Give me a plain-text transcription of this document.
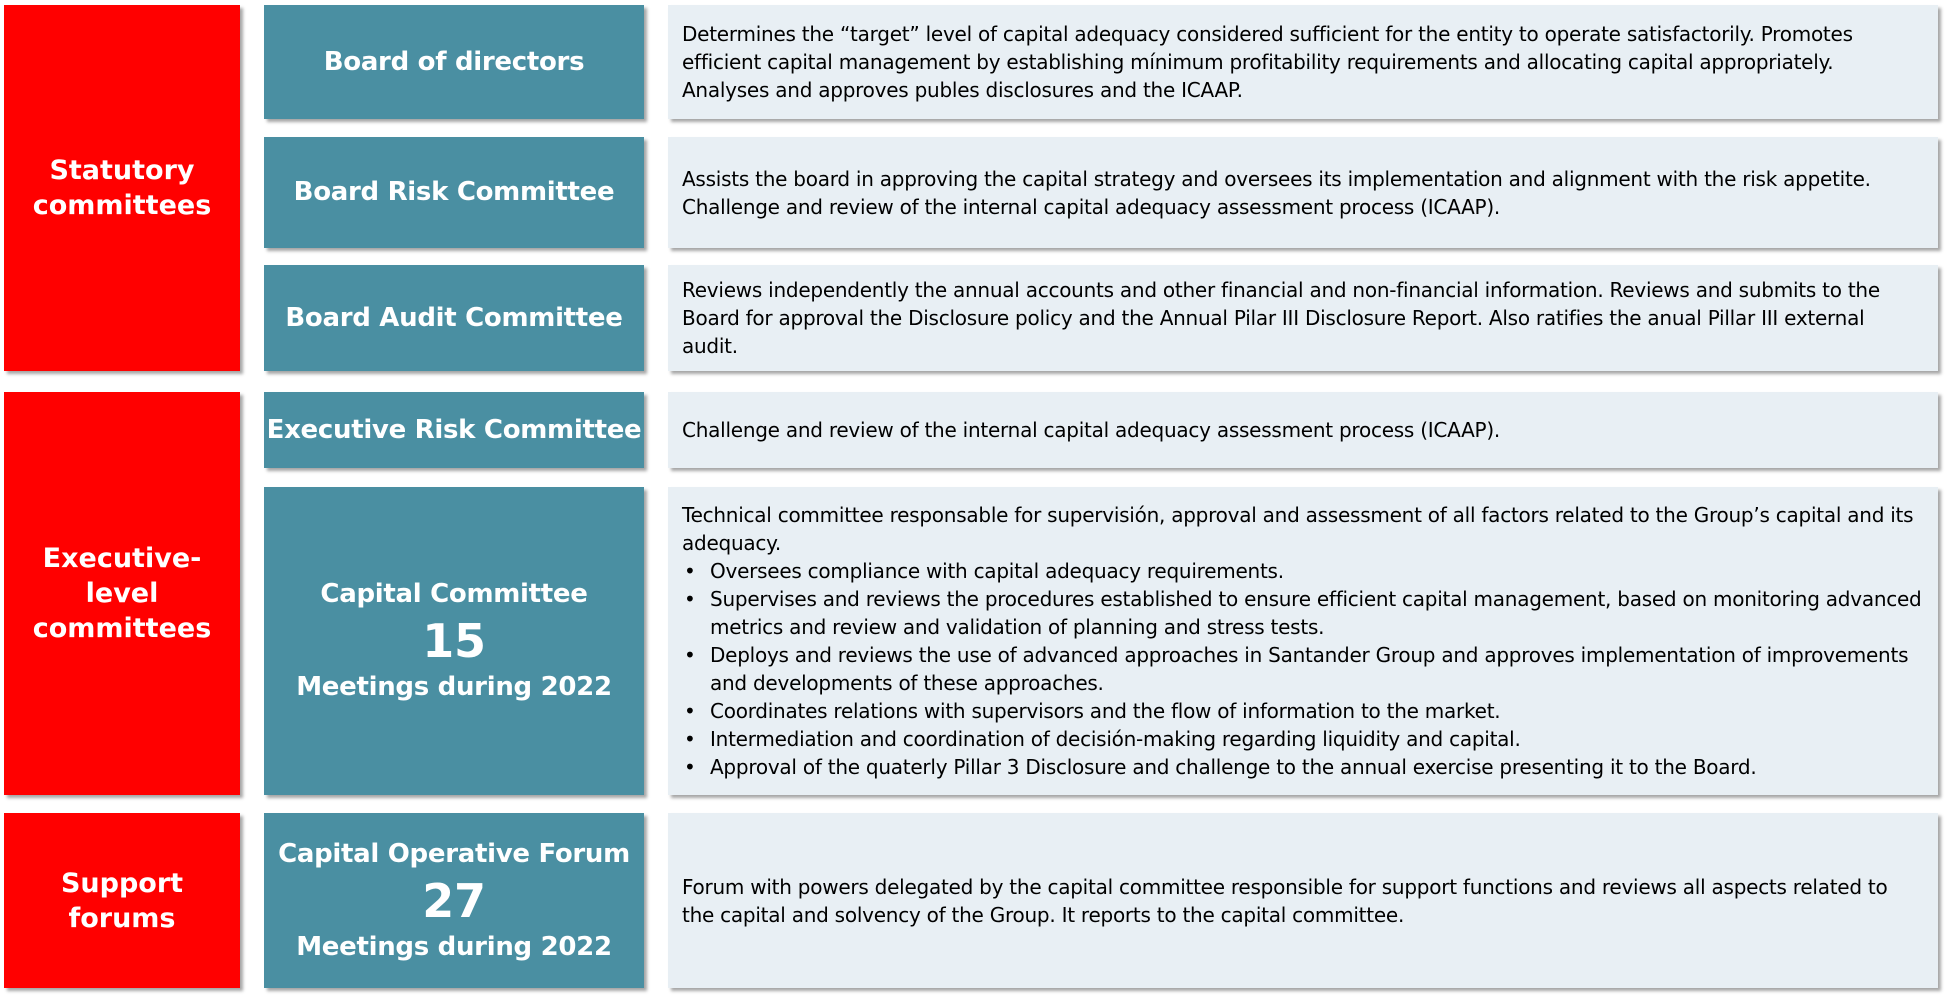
Statutory committees
Executive-level committees
Support forums
Board of directors
Board Risk Committee
Board Audit Committee
Executive Risk Committee
Capital Committee
15
Meetings during 2022
Capital Operative Forum
27
Meetings during 2022

Determines the “target” level of capital adequacy considered sufficient for the entity to operate satisfactorily. Promotes efficient capital management by establishing mínimum profitability requirements and allocating capital appropriately. Analyses and approves publes disclosures and the ICAAP.

Assists the board in approving the capital strategy and oversees its implementation and alignment with the risk appetite. Challenge and review of the internal capital adequacy assessment process (ICAAP).

Reviews independently the annual accounts and other financial and non-financial information. Reviews and submits to the Board for approval the Disclosure policy and the Annual Pilar III Disclosure Report. Also ratifies the anual Pillar III external audit.

Challenge and review of the internal capital adequacy assessment process (ICAAP).

Technical committee responsable for supervisión, approval and assessment of all factors related to the Group’s capital and its adequacy.

• Oversees compliance with capital adequacy requirements.
• Supervises and reviews the procedures established to ensure efficient capital management, based on monitoring advanced metrics and review and validation of planning and stress tests.
• Deploys and reviews the use of advanced approaches in Santander Group and approves implementation of improvements and developments of these approaches.
• Coordinates relations with supervisors and the flow of information to the market.
• Intermediation and coordination of decisión-making regarding liquidity and capital.
• Approval of the quaterly Pillar 3 Disclosure and challenge to the annual exercise presenting it to the Board.

Forum with powers delegated by the capital committee responsible for support functions and reviews all aspects related to the capital and solvency of the Group. It reports to the capital committee.
